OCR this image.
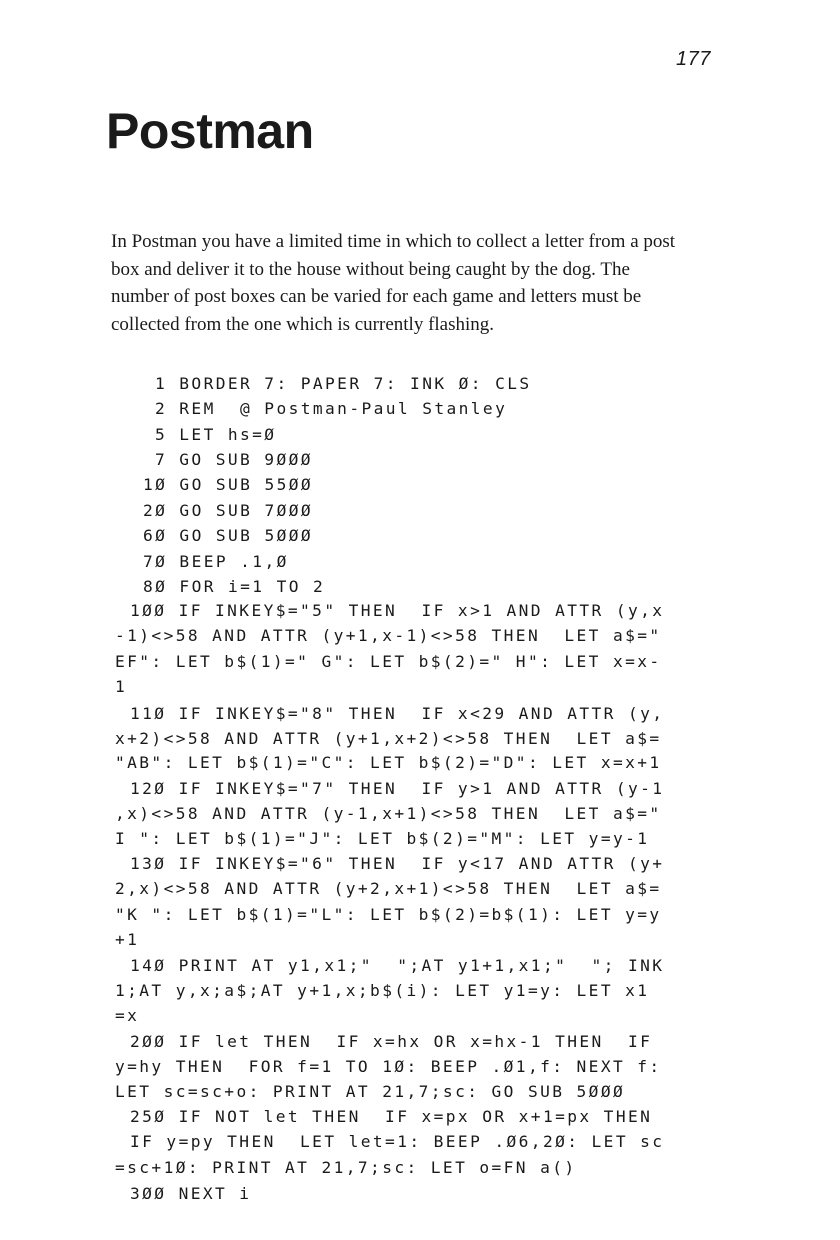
177
Postman

In Postman you have a limited time in which to collect a letter from a post
box and deliver it to the house without being caught by the dog. The
number of post boxes can be varied for each game and letters must be
collected from the one which is currently flashing.

1 BORDER 7: PAPER 7: INK Ø: CLS
2 REM  @ Postman-Paul Stanley
5 LET hs=Ø
7 GO SUB 9ØØØ
1Ø GO SUB 55ØØ
2Ø GO SUB 7ØØØ
6Ø GO SUB 5ØØØ
7Ø BEEP .1,Ø
8Ø FOR i=1 TO 2
1ØØ IF INKEY$="5" THEN  IF x>1 AND ATTR (y,x
-1)<>58 AND ATTR (y+1,x-1)<>58 THEN  LET a$="
EF": LET b$(1)=" G": LET b$(2)=" H": LET x=x-
1
11Ø IF INKEY$="8" THEN  IF x<29 AND ATTR (y,
x+2)<>58 AND ATTR (y+1,x+2)<>58 THEN  LET a$=
"AB": LET b$(1)="C": LET b$(2)="D": LET x=x+1
12Ø IF INKEY$="7" THEN  IF y>1 AND ATTR (y-1
,x)<>58 AND ATTR (y-1,x+1)<>58 THEN  LET a$="
I ": LET b$(1)="J": LET b$(2)="M": LET y=y-1
13Ø IF INKEY$="6" THEN  IF y<17 AND ATTR (y+
2,x)<>58 AND ATTR (y+2,x+1)<>58 THEN  LET a$=
"K ": LET b$(1)="L": LET b$(2)=b$(1): LET y=y
+1
14Ø PRINT AT y1,x1;"  ";AT y1+1,x1;"  "; INK
1;AT y,x;a$;AT y+1,x;b$(i): LET y1=y: LET x1
=x
2ØØ IF let THEN  IF x=hx OR x=hx-1 THEN  IF
y=hy THEN  FOR f=1 TO 1Ø: BEEP .Ø1,f: NEXT f:
LET sc=sc+o: PRINT AT 21,7;sc: GO SUB 5ØØØ
25Ø IF NOT let THEN  IF x=px OR x+1=px THEN
IF y=py THEN  LET let=1: BEEP .Ø6,2Ø: LET sc
=sc+1Ø: PRINT AT 21,7;sc: LET o=FN a()
3ØØ NEXT i
